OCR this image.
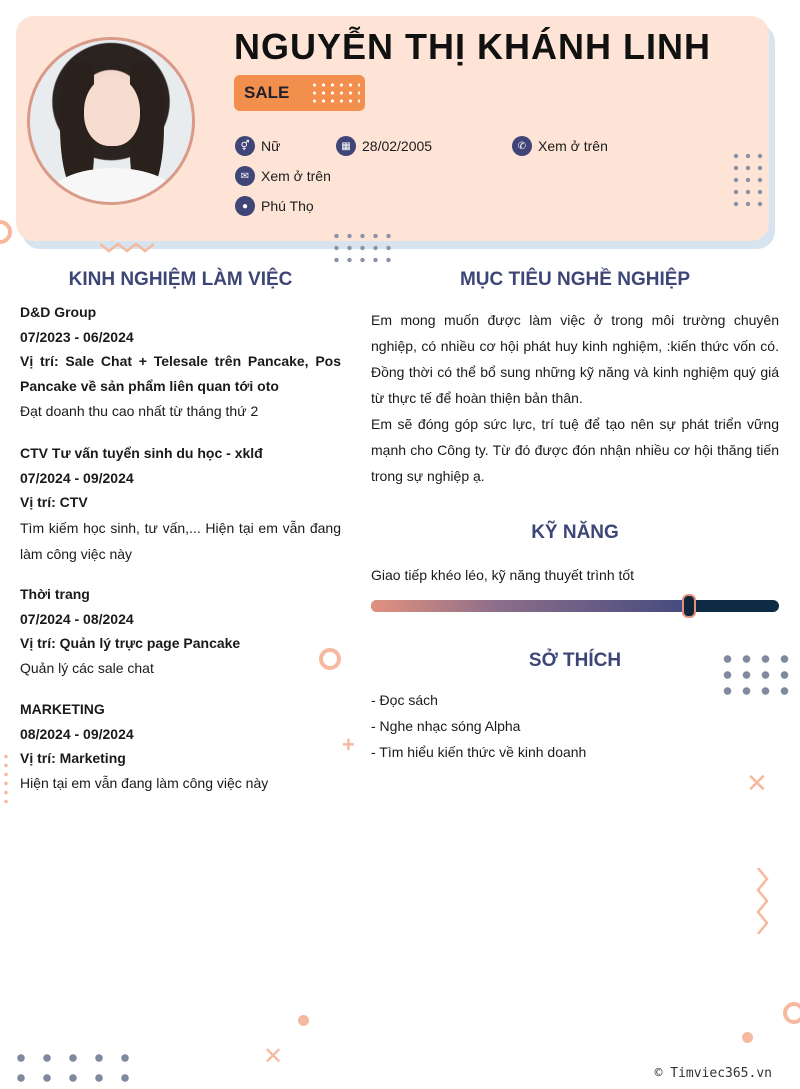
NGUYỄN THỊ KHÁNH LINH
SALE
⚥ Nữ	▦ 28/02/2005	✆ Xem ở trên
✉ Xem ở trên
● Phú Thọ
+
✕
✕
KINH NGHIỆM LÀM VIỆC
D&D Group
07/2023 - 06/2024
Vị trí: Sale Chat + Telesale trên Pancake, Pos Pancake về sản phẩm liên quan tới oto
Đạt doanh thu cao nhất từ tháng thứ 2
CTV Tư vấn tuyển sinh du học - xklđ
07/2024 - 09/2024
Vị trí: CTV
Tìm kiếm học sinh, tư vấn,... Hiện tại em vẫn đang làm công việc này
Thời trang
07/2024 - 08/2024
Vị trí: Quản lý trực page Pancake
Quản lý các sale chat
MARKETING
08/2024 - 09/2024
Vị trí: Marketing
Hiện tại em vẫn đang làm công việc này
MỤC TIÊU NGHỀ NGHIỆP
Em mong muốn được làm việc ở trong môi trường chuyên nghiệp, có nhiều cơ hội phát huy kinh nghiệm, :kiến thức vốn có. Đồng thời có thể bổ sung những kỹ năng và kinh nghiệm quý giá từ thực tế để hoàn thiện bản thân.
Em sẽ đóng góp sức lực, trí tuệ để tạo nên sự phát triển vững mạnh cho Công ty. Từ đó được đón nhận nhiều cơ hội thăng tiến trong sự nghiệp ạ.
KỸ NĂNG
Giao tiếp khéo léo, kỹ năng thuyết trình tốt
SỞ THÍCH
- Đọc sách
- Nghe nhạc sóng Alpha
- Tìm hiểu kiến thức về kinh doanh
© Timviec365.vn
